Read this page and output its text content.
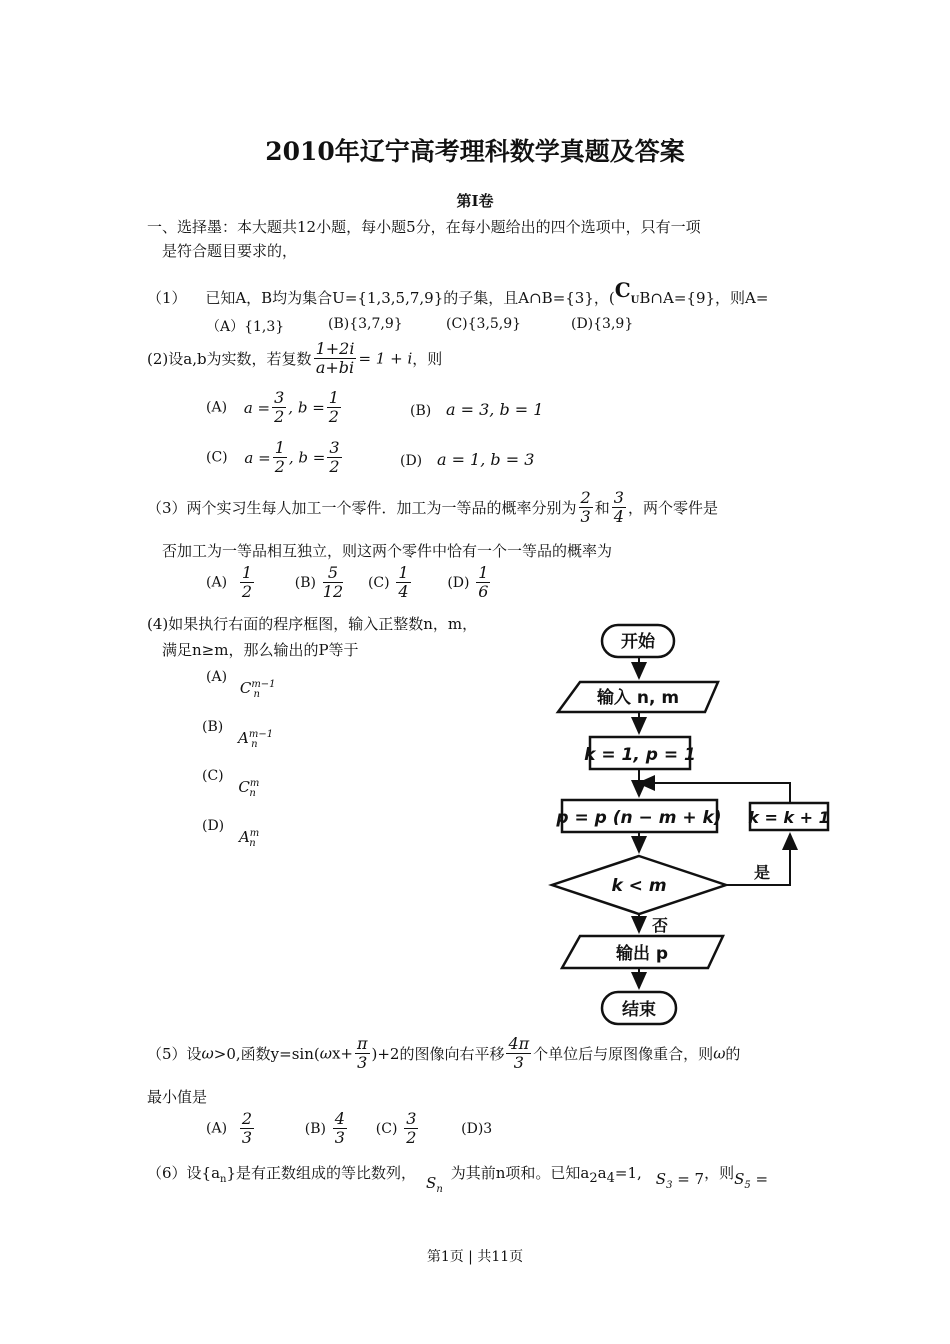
2010年辽宁高考理科数学真题及答案
第Ⅰ卷
一、选择墨：本大题共12小题，每小题5分，在每小题给出的四个选项中，只有一项
是符合题目要求的，
（1） 已知A，B均为集合U={1,3,5,7,9}的子集，且A∩B={3}，($C_UB\cap A=\{9\}$，则A=
（A）{1,3}	(B){3,7,9}	(C){3,5,9}	(D){3,9}
(2)设a,b为实数，若复数 $\frac{1+2i}{a+bi} = 1 + i$，则
(A) $a = \frac{3}{2}$ , $b = \frac{1}{2}$	(B) a = 3, b = 1
(C) $a = \frac{1}{2}$ , $b = \frac{3}{2}$	(D) a = 1, b = 3
（3）两个实习生每人加工一个零件．加工为一等品的概率分别为 $\frac{2}{3}$ 和 $\frac{3}{4}$ ，两个零件是
否加工为一等品相互独立，则这两个零件中恰有一个一等品的概率为
$(A) \frac{1}{2}$	$(B) \frac{5}{12} (C) \frac{1}{4}$	$(D) \frac{1}{6}$
(4)如果执行右面的程序框图，输入正整数n，m，
满足n≥m，那么输出的P等于
(A) $C^{m-1}_n$
(B) $A^{m-1}_n$
(C) $C^m_n$
(D) $A^m_n$
开始
输入 n, m
k = 1, p = 1
p = p (n − m + k) k = k + 1
k < m
是
否
输出 p
结束
（5）设ω>0,函数$y=\sin(\omega x+ \frac{\pi}{3} )+2$的图像向右平移 $\frac{4\pi}{3}$ 个单位后与原图像重合，则ω的
最小值是
$(A) \frac{2}{3}$	$(B) \frac{4}{3} (C) \frac{3}{2}$	(D)3
（6）设$\{a_n\}$是有正数组成的等比数列，$S_n$为其前n项和。已知$a_2a_4=1$, $S_3 = 7$，则$S_5$ =
第1页 | 共11页
